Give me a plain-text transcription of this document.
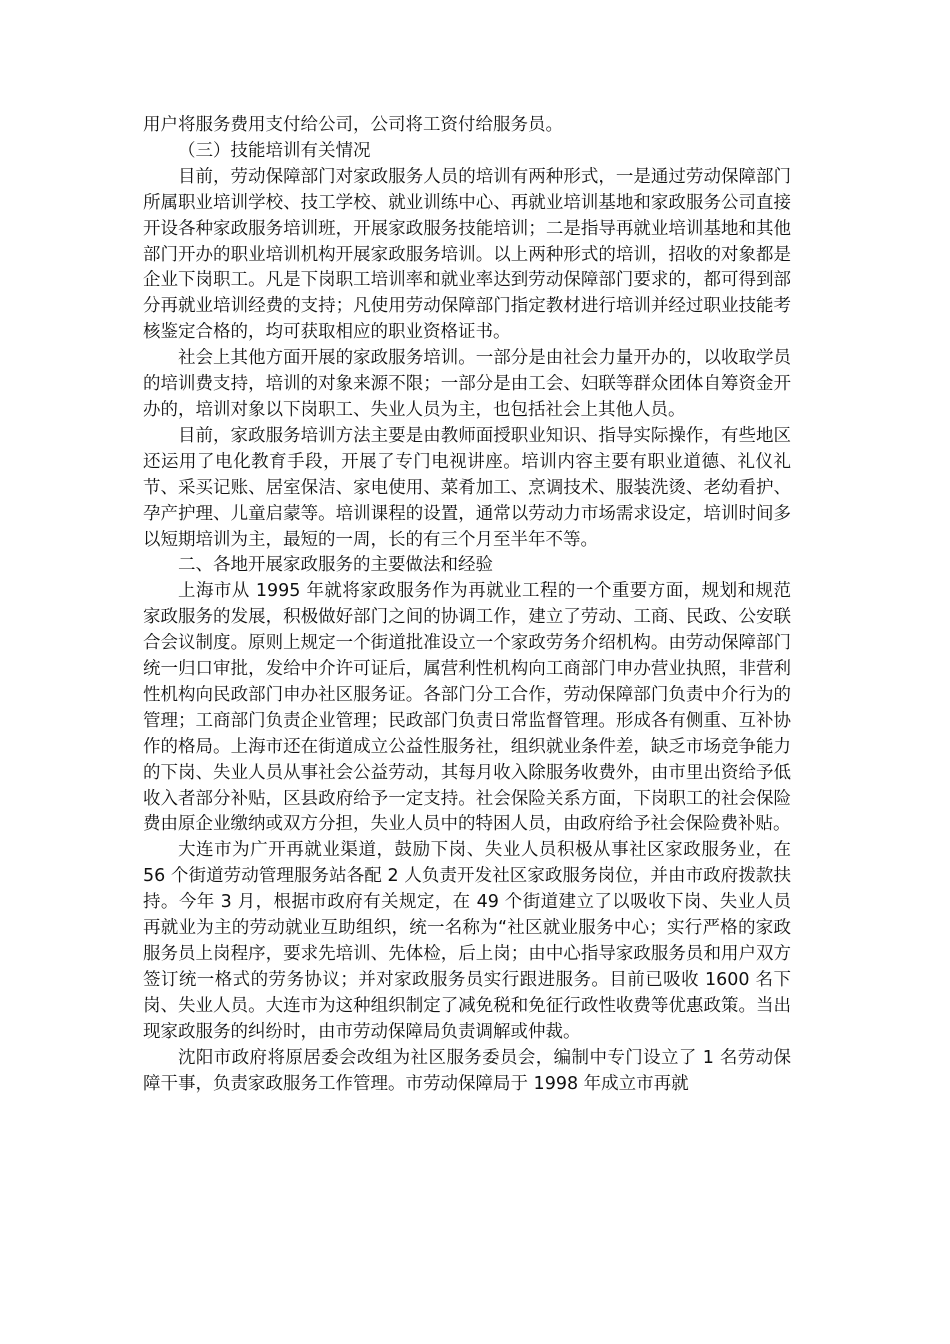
用户将服务费用支付给公司，公司将工资付给服务员。

（三）技能培训有关情况

目前，劳动保障部门对家政服务人员的培训有两种形式，一是通过劳动保障部门所属职业培训学校、技工学校、就业训练中心、再就业培训基地和家政服务公司直接开设各种家政服务培训班，开展家政服务技能培训；二是指导再就业培训基地和其他部门开办的职业培训机构开展家政服务培训。以上两种形式的培训，招收的对象都是企业下岗职工。凡是下岗职工培训率和就业率达到劳动保障部门要求的，都可得到部分再就业培训经费的支持；凡使用劳动保障部门指定教材进行培训并经过职业技能考核鉴定合格的，均可获取相应的职业资格证书。

社会上其他方面开展的家政服务培训。一部分是由社会力量开办的，以收取学员的培训费支持，培训的对象来源不限；一部分是由工会、妇联等群众团体自筹资金开办的，培训对象以下岗职工、失业人员为主，也包括社会上其他人员。

目前，家政服务培训方法主要是由教师面授职业知识、指导实际操作，有些地区还运用了电化教育手段，开展了专门电视讲座。培训内容主要有职业道德、礼仪礼节、采买记账、居室保洁、家电使用、菜肴加工、烹调技术、服装洗烫、老幼看护、孕产护理、儿童启蒙等。培训课程的设置，通常以劳动力市场需求设定，培训时间多以短期培训为主，最短的一周，长的有三个月至半年不等。

二、各地开展家政服务的主要做法和经验

上海市从 1995 年就将家政服务作为再就业工程的一个重要方面，规划和规范家政服务的发展，积极做好部门之间的协调工作，建立了劳动、工商、民政、公安联合会议制度。原则上规定一个街道批准设立一个家政劳务介绍机构。由劳动保障部门统一归口审批，发给中介许可证后，属营利性机构向工商部门申办营业执照，非营利性机构向民政部门申办社区服务证。各部门分工合作，劳动保障部门负责中介行为的管理；工商部门负责企业管理；民政部门负责日常监督管理。形成各有侧重、互补协作的格局。上海市还在街道成立公益性服务社，组织就业条件差，缺乏市场竞争能力的下岗、失业人员从事社会公益劳动，其每月收入除服务收费外，由市里出资给予低收入者部分补贴，区县政府给予一定支持。社会保险关系方面，下岗职工的社会保险费由原企业缴纳或双方分担，失业人员中的特困人员，由政府给予社会保险费补贴。

大连市为广开再就业渠道，鼓励下岗、失业人员积极从事社区家政服务业，在 56 个街道劳动管理服务站各配 2 人负责开发社区家政服务岗位，并由市政府拨款扶持。今年 3 月，根据市政府有关规定，在 49 个街道建立了以吸收下岗、失业人员再就业为主的劳动就业互助组织，统一名称为“社区就业服务中心；实行严格的家政服务员上岗程序，要求先培训、先体检，后上岗；由中心指导家政服务员和用户双方签订统一格式的劳务协议；并对家政服务员实行跟进服务。目前已吸收 1600 名下岗、失业人员。大连市为这种组织制定了减免税和免征行政性收费等优惠政策。当出现家政服务的纠纷时，由市劳动保障局负责调解或仲裁。

沈阳市政府将原居委会改组为社区服务委员会，编制中专门设立了 1 名劳动保障干事，负责家政服务工作管理。市劳动保障局于 1998 年成立市再就
